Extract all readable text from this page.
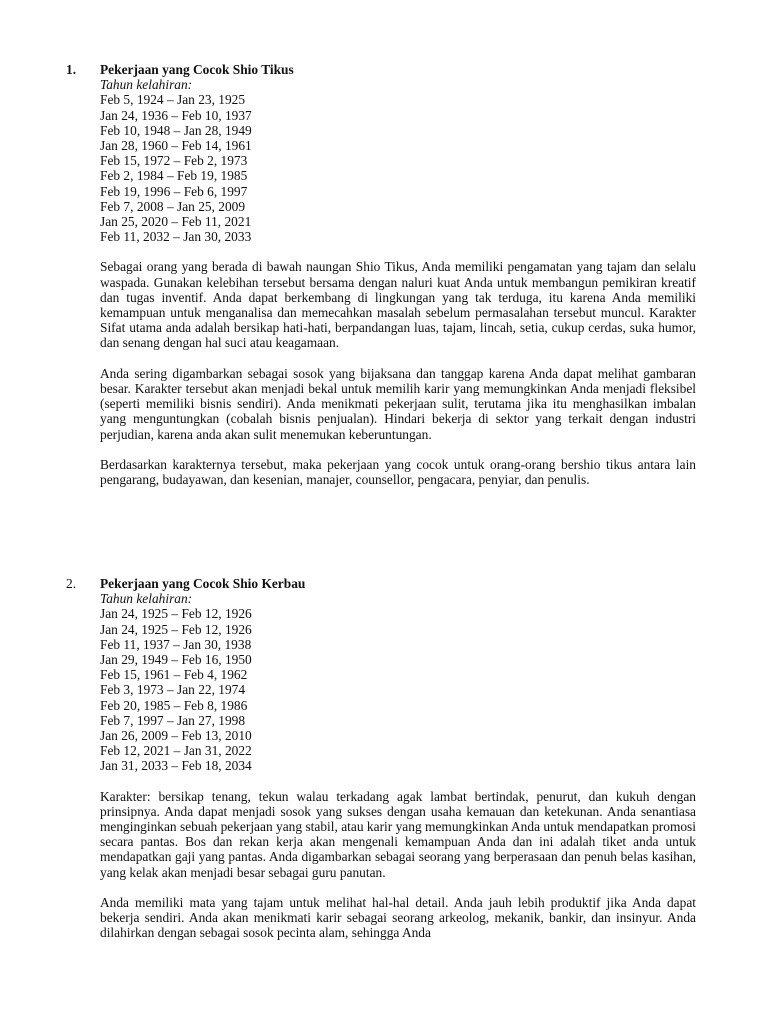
1.	Pekerjaan yang Cocok Shio Tikus
Tahun kelahiran:
Feb 5, 1924 – Jan 23, 1925
Jan 24, 1936 – Feb 10, 1937
Feb 10, 1948 – Jan 28, 1949
Jan 28, 1960 – Feb 14, 1961
Feb 15, 1972 – Feb 2, 1973
Feb 2, 1984 – Feb 19, 1985
Feb 19, 1996 – Feb 6, 1997
Feb 7, 2008 – Jan 25, 2009
Jan 25, 2020 – Feb 11, 2021
Feb 11, 2032 – Jan 30, 2033

Sebagai orang yang berada di bawah naungan Shio Tikus, Anda memiliki pengamatan yang tajam dan selalu waspada. Gunakan kelebihan tersebut bersama dengan naluri kuat Anda untuk membangun pemikiran kreatif dan tugas inventif. Anda dapat berkembang di lingkungan yang tak terduga, itu karena Anda memiliki kemampuan untuk menganalisa dan memecahkan masalah sebelum permasalahan tersebut muncul. Karakter Sifat utama anda adalah bersikap hati-hati, berpandangan luas, tajam, lincah, setia, cukup cerdas, suka humor, dan senang dengan hal suci atau keagamaan.

Anda sering digambarkan sebagai sosok yang bijaksana dan tanggap karena Anda dapat melihat gambaran besar. Karakter tersebut akan menjadi bekal untuk memilih karir yang memungkinkan Anda menjadi fleksibel (seperti memiliki bisnis sendiri). Anda menikmati pekerjaan sulit, terutama jika itu menghasilkan imbalan yang menguntungkan (cobalah bisnis penjualan). Hindari bekerja di sektor yang terkait dengan industri perjudian, karena anda akan sulit menemukan keberuntungan.

Berdasarkan karakternya tersebut, maka pekerjaan yang cocok untuk orang-orang bershio tikus antara lain pengarang, budayawan, dan kesenian, manajer, counsellor, pengacara, penyiar, dan penulis.

2.	Pekerjaan yang Cocok Shio Kerbau
Tahun kelahiran:
Jan 24, 1925 – Feb 12, 1926
Jan 24, 1925 – Feb 12, 1926
Feb 11, 1937 – Jan 30, 1938
Jan 29, 1949 – Feb 16, 1950
Feb 15, 1961 – Feb 4, 1962
Feb 3, 1973 – Jan 22, 1974
Feb 20, 1985 – Feb 8, 1986
Feb 7, 1997 – Jan 27, 1998
Jan 26, 2009 – Feb 13, 2010
Feb 12, 2021 – Jan 31, 2022
Jan 31, 2033 – Feb 18, 2034

Karakter: bersikap tenang, tekun walau terkadang agak lambat bertindak, penurut, dan kukuh dengan prinsipnya. Anda dapat menjadi sosok yang sukses dengan usaha kemauan dan ketekunan. Anda senantiasa menginginkan sebuah pekerjaan yang stabil, atau karir yang memungkinkan Anda untuk mendapatkan promosi secara pantas. Bos dan rekan kerja akan mengenali kemampuan Anda dan ini adalah tiket anda untuk mendapatkan gaji yang pantas. Anda digambarkan sebagai seorang yang berperasaan dan penuh belas kasihan, yang kelak akan menjadi besar sebagai guru panutan.

Anda memiliki mata yang tajam untuk melihat hal-hal detail. Anda jauh lebih produktif jika Anda dapat bekerja sendiri. Anda akan menikmati karir sebagai seorang arkeolog, mekanik, bankir, dan insinyur. Anda dilahirkan dengan sebagai sosok pecinta alam, sehingga Anda
